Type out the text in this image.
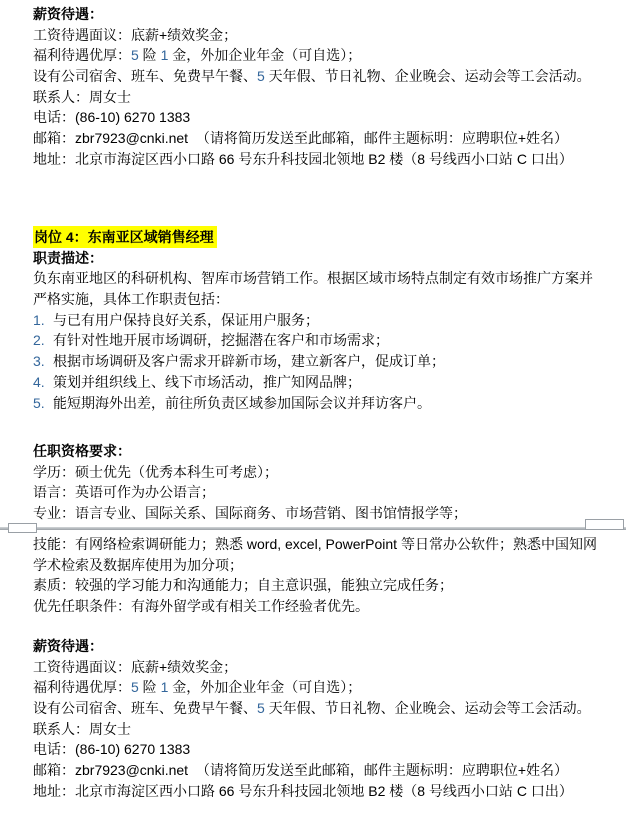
薪资待遇：
工资待遇面议：底薪+绩效奖金；
福利待遇优厚：5 险 1 金，外加企业年金（可自选）；
设有公司宿舍、班车、免费早午餐、5 天年假、节日礼物、企业晚会、运动会等工会活动。
联系人：周女士
电话：(86-10) 6270 1383
邮箱：zbr7923@cnki.net  （请将简历发送至此邮箱，邮件主题标明：应聘职位+姓名）
地址：北京市海淀区西小口路 66 号东升科技园北领地 B2 楼（8 号线西小口站 C 口出）
岗位 4：东南亚区域销售经理
职责描述：
负东南亚地区的科研机构、智库市场营销工作。根据区域市场特点制定有效市场推广方案并
严格实施，具体工作职责包括：
1. 与已有用户保持良好关系，保证用户服务；
2. 有针对性地开展市场调研，挖掘潜在客户和市场需求；
3. 根据市场调研及客户需求开辟新市场，建立新客户，促成订单；
4. 策划并组织线上、线下市场活动，推广知网品牌；
5. 能短期海外出差，前往所负责区域参加国际会议并拜访客户。
任职资格要求：
学历：硕士优先（优秀本科生可考虑）；
语言：英语可作为办公语言；
专业：语言专业、国际关系、国际商务、市场营销、图书馆情报学等；
技能：有网络检索调研能力；熟悉 word, excel, PowerPoint 等日常办公软件；熟悉中国知网
学术检索及数据库使用为加分项；
素质：较强的学习能力和沟通能力；自主意识强，能独立完成任务；
优先任职条件：有海外留学或有相关工作经验者优先。
薪资待遇：
工资待遇面议：底薪+绩效奖金；
福利待遇优厚：5 险 1 金，外加企业年金（可自选）；
设有公司宿舍、班车、免费早午餐、5 天年假、节日礼物、企业晚会、运动会等工会活动。
联系人：周女士
电话：(86-10) 6270 1383
邮箱：zbr7923@cnki.net  （请将简历发送至此邮箱，邮件主题标明：应聘职位+姓名）
地址：北京市海淀区西小口路 66 号东升科技园北领地 B2 楼（8 号线西小口站 C 口出）
